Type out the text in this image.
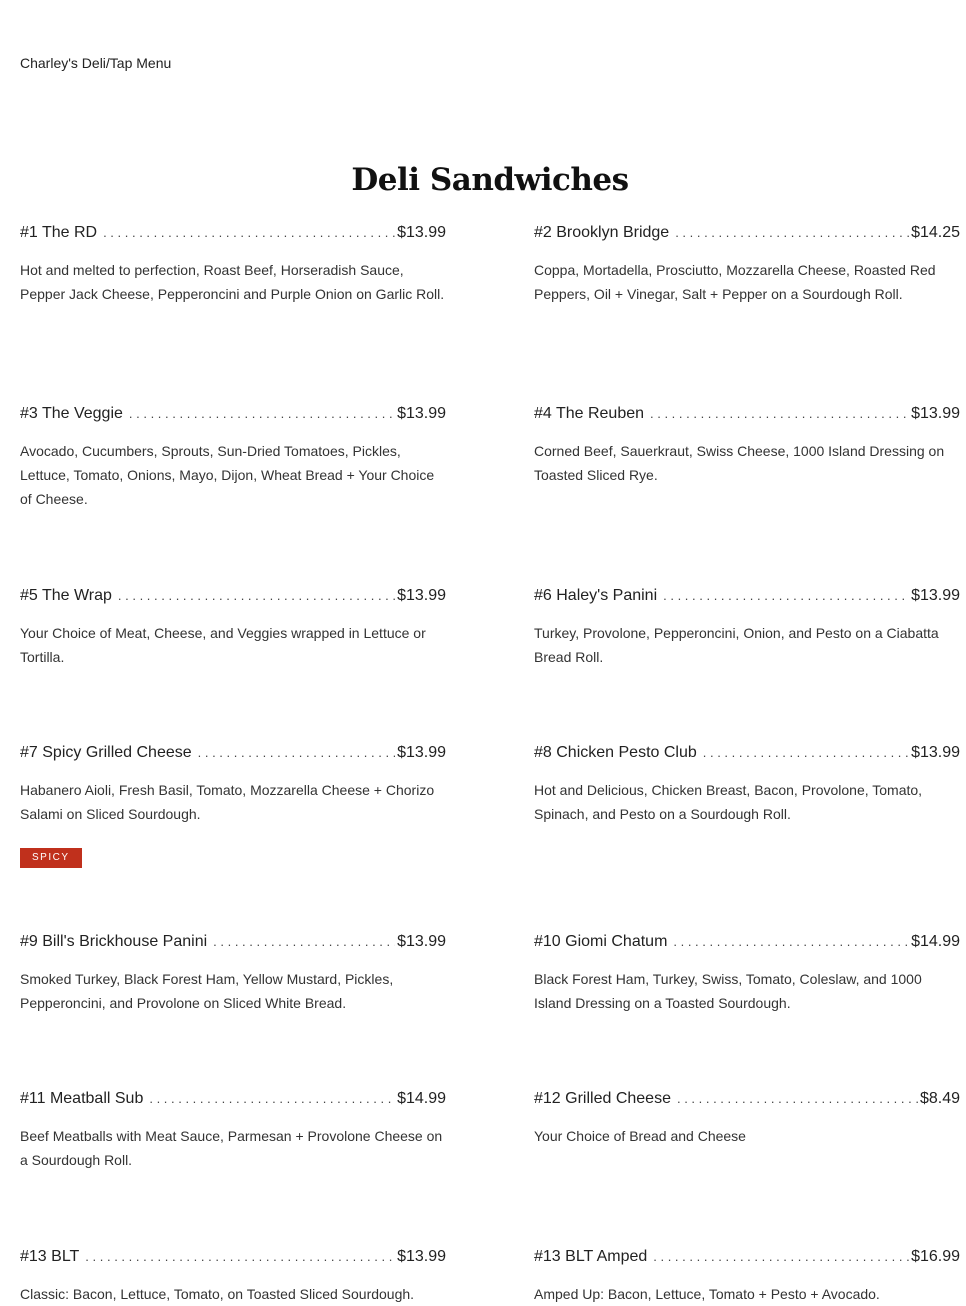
Charley's Deli/Tap Menu
Deli Sandwiches
#1 The RD . . .	$13.99
Hot and melted to perfection, Roast Beef, Horseradish Sauce, Pepper Jack Cheese, Pepperoncini and Purple Onion on Garlic Roll.
#2 Brooklyn Bridge . . .	$14.25
Coppa, Mortadella, Prosciutto, Mozzarella Cheese, Roasted Red Peppers, Oil + Vinegar, Salt + Pepper on a Sourdough Roll.
#3 The Veggie . . .	$13.99
Avocado, Cucumbers, Sprouts, Sun-Dried Tomatoes, Pickles, Lettuce, Tomato, Onions, Mayo, Dijon, Wheat Bread + Your Choice of Cheese.
#4 The Reuben . . .	$13.99
Corned Beef, Sauerkraut, Swiss Cheese, 1000 Island Dressing on Toasted Sliced Rye.
#5 The Wrap . . .	$13.99
Your Choice of Meat, Cheese, and Veggies wrapped in Lettuce or Tortilla.
#6 Haley's Panini . . .	$13.99
Turkey, Provolone, Pepperoncini, Onion, and Pesto on a Ciabatta Bread Roll.
#7 Spicy Grilled Cheese . . .	$13.99
Habanero Aioli, Fresh Basil, Tomato, Mozzarella Cheese + Chorizo Salami on Sliced Sourdough.
SPICY
#8 Chicken Pesto Club . . .	$13.99
Hot and Delicious, Chicken Breast, Bacon, Provolone, Tomato, Spinach, and Pesto on a Sourdough Roll.
#9 Bill's Brickhouse Panini . . .	$13.99
Smoked Turkey, Black Forest Ham, Yellow Mustard, Pickles, Pepperoncini, and Provolone on Sliced White Bread.
#10 Giomi Chatum . . .	$14.99
Black Forest Ham, Turkey, Swiss, Tomato, Coleslaw, and 1000 Island Dressing on a Toasted Sourdough.
#11 Meatball Sub . . .	$14.99
Beef Meatballs with Meat Sauce, Parmesan + Provolone Cheese on a Sourdough Roll.
#12 Grilled Cheese . . .	$8.49
Your Choice of Bread and Cheese
#13 BLT . . .	$13.99
Classic: Bacon, Lettuce, Tomato, on Toasted Sliced Sourdough.
#13 BLT Amped . . .	$16.99
Amped Up: Bacon, Lettuce, Tomato + Pesto + Avocado.
